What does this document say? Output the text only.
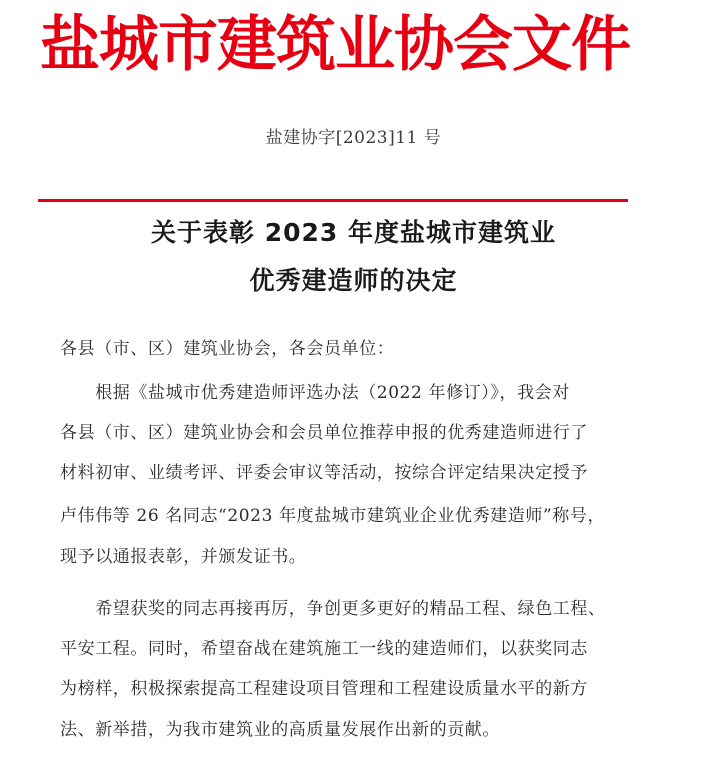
盐城市建筑业协会文件
盐建协字[2023]11 号
关于表彰 2023 年度盐城市建筑业
优秀建造师的决定
各县（市、区）建筑业协会，各会员单位：
　　根据《盐城市优秀建造师评选办法（2022 年修订）》，我会对
各县（市、区）建筑业协会和会员单位推荐申报的优秀建造师进行了
材料初审、业绩考评、评委会审议等活动，按综合评定结果决定授予
卢伟伟等 26 名同志“2023 年度盐城市建筑业企业优秀建造师”称号，
现予以通报表彰，并颁发证书。
　　希望获奖的同志再接再厉，争创更多更好的精品工程、绿色工程、
平安工程。同时，希望奋战在建筑施工一线的建造师们，以获奖同志
为榜样，积极探索提高工程建设项目管理和工程建设质量水平的新方
法、新举措，为我市建筑业的高质量发展作出新的贡献。
